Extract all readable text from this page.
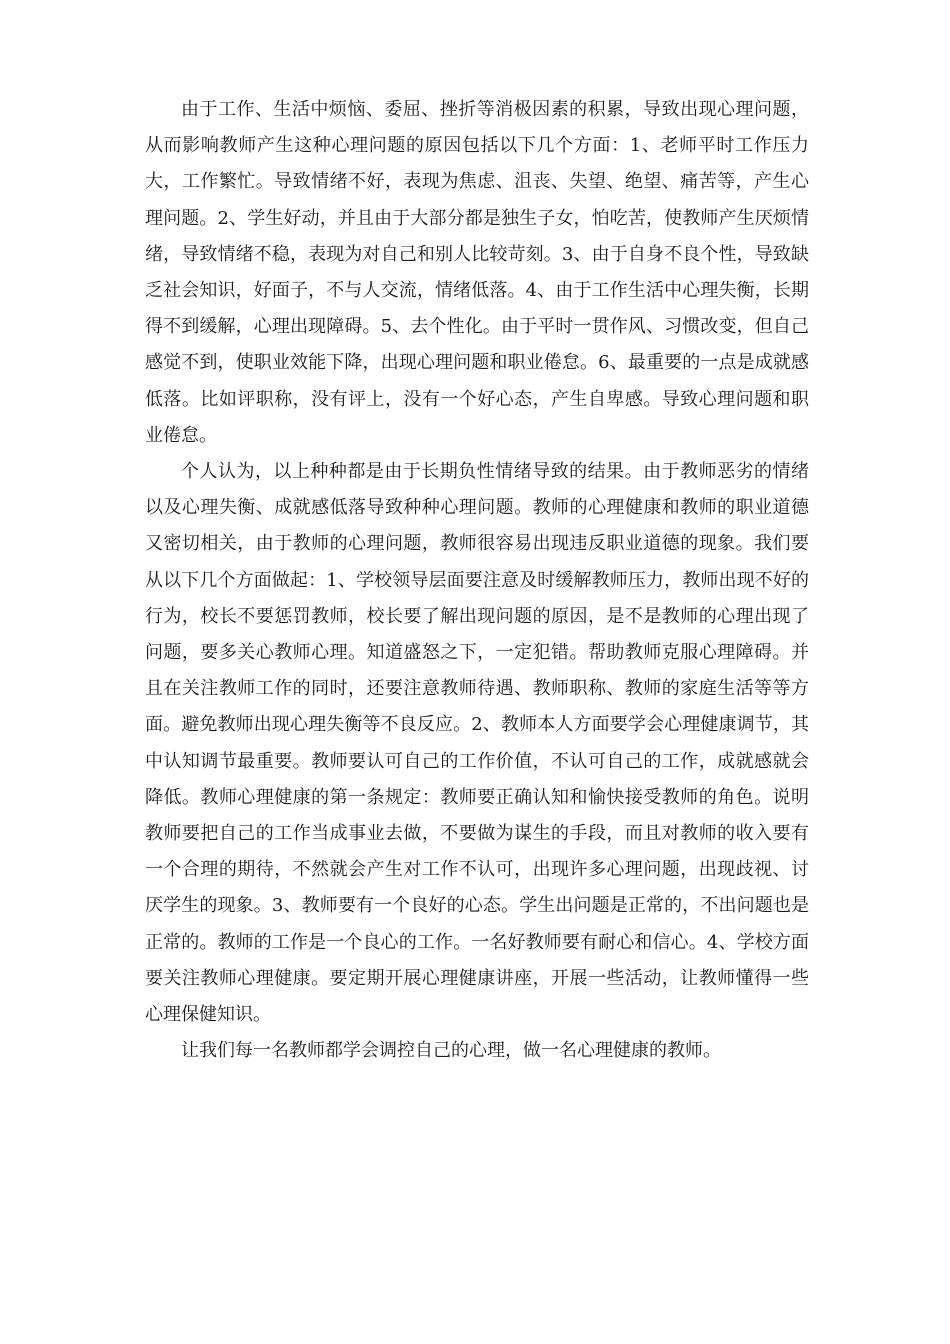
由于工作、生活中烦恼、委屈、挫折等消极因素的积累，导致出现心理问题，从而影响教师产生这种心理问题的原因包括以下几个方面：1、老师平时工作压力大，工作繁忙。导致情绪不好，表现为焦虑、沮丧、失望、绝望、痛苦等，产生心理问题。2、学生好动，并且由于大部分都是独生子女，怕吃苦，使教师产生厌烦情绪，导致情绪不稳，表现为对自己和别人比较苛刻。3、由于自身不良个性，导致缺乏社会知识，好面子，不与人交流，情绪低落。4、由于工作生活中心理失衡，长期得不到缓解，心理出现障碍。5、去个性化。由于平时一贯作风、习惯改变，但自己感觉不到，使职业效能下降，出现心理问题和职业倦怠。6、最重要的一点是成就感低落。比如评职称，没有评上，没有一个好心态，产生自卑感。导致心理问题和职业倦怠。

个人认为，以上种种都是由于长期负性情绪导致的结果。由于教师恶劣的情绪以及心理失衡、成就感低落导致种种心理问题。教师的心理健康和教师的职业道德又密切相关，由于教师的心理问题，教师很容易出现违反职业道德的现象。我们要从以下几个方面做起：1、学校领导层面要注意及时缓解教师压力，教师出现不好的行为，校长不要惩罚教师，校长要了解出现问题的原因，是不是教师的心理出现了问题，要多关心教师心理。知道盛怒之下，一定犯错。帮助教师克服心理障碍。并且在关注教师工作的同时，还要注意教师待遇、教师职称、教师的家庭生活等等方面。避免教师出现心理失衡等不良反应。2、教师本人方面要学会心理健康调节，其中认知调节最重要。教师要认可自己的工作价值，不认可自己的工作，成就感就会降低。教师心理健康的第一条规定：教师要正确认知和愉快接受教师的角色。说明教师要把自己的工作当成事业去做，不要做为谋生的手段，而且对教师的收入要有一个合理的期待，不然就会产生对工作不认可，出现许多心理问题，出现歧视、讨厌学生的现象。3、教师要有一个良好的心态。学生出问题是正常的，不出问题也是正常的。教师的工作是一个良心的工作。一名好教师要有耐心和信心。4、学校方面要关注教师心理健康。要定期开展心理健康讲座，开展一些活动，让教师懂得一些心理保健知识。

让我们每一名教师都学会调控自己的心理，做一名心理健康的教师。
